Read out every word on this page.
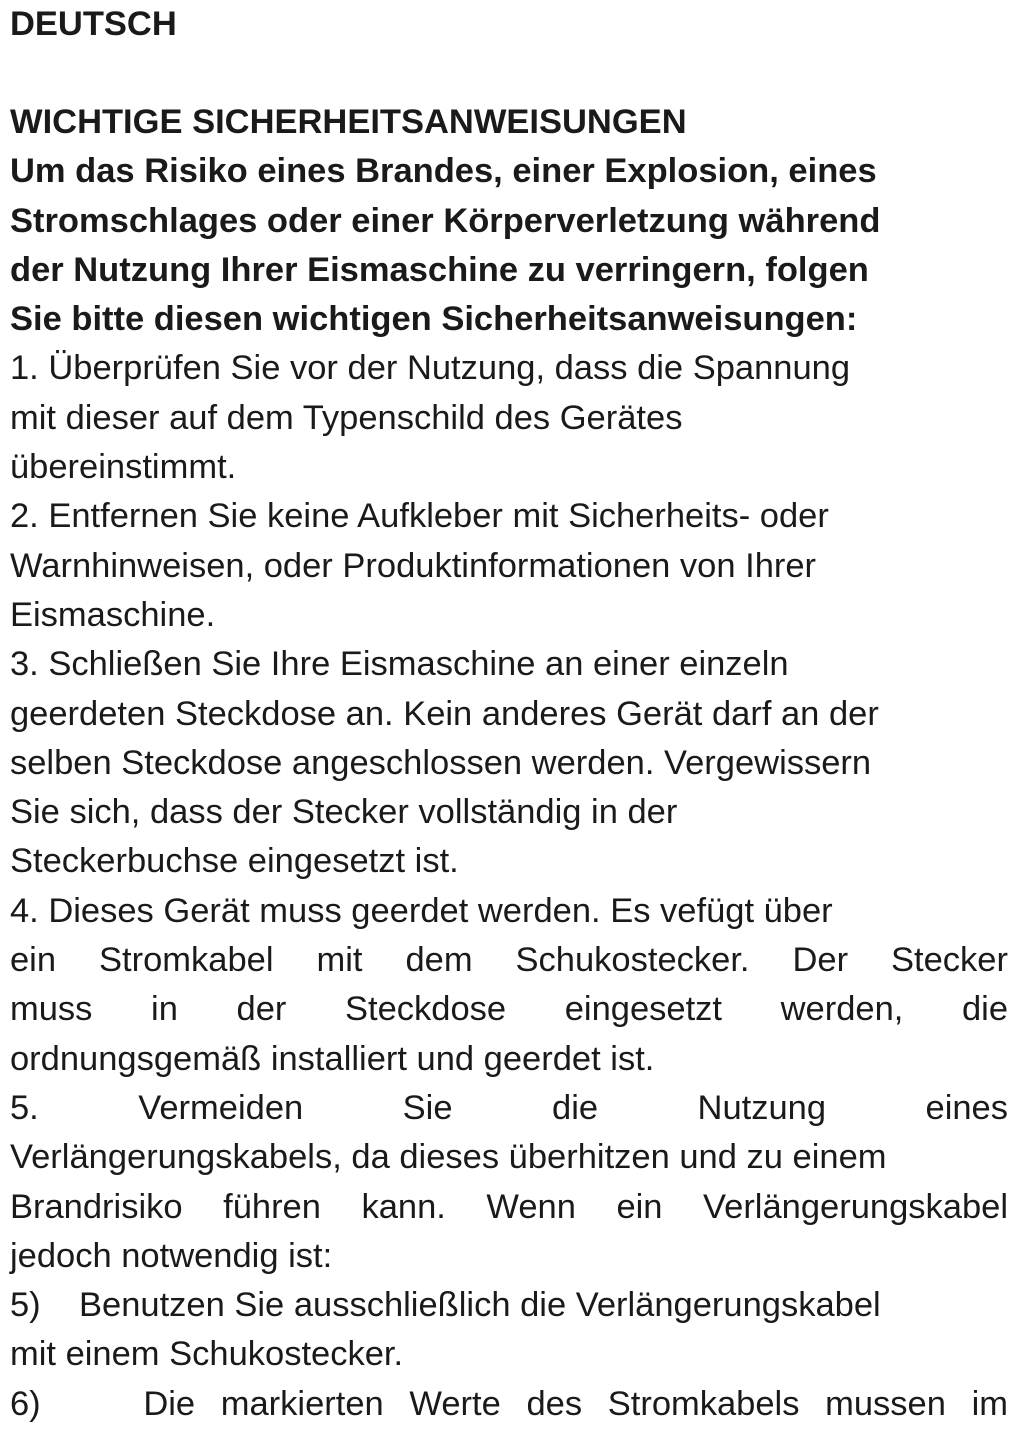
DEUTSCH

WICHTIGE SICHERHEITSANWEISUNGEN
Um das Risiko eines Brandes, einer Explosion, eines
Stromschlages oder einer Körperverletzung während
der Nutzung Ihrer Eismaschine zu verringern, folgen
Sie bitte diesen wichtigen Sicherheitsanweisungen:

1. Überprüfen Sie vor der Nutzung, dass die Spannung
mit dieser auf dem Typenschild des Gerätes
übereinstimmt.
2. Entfernen Sie keine Aufkleber mit Sicherheits- oder
Warnhinweisen, oder Produktinformationen von Ihrer
Eismaschine.
3. Schließen Sie Ihre Eismaschine an einer einzeln
geerdeten Steckdose an. Kein anderes Gerät darf an der
selben Steckdose angeschlossen werden. Vergewissern
Sie sich, dass der Stecker vollständig in der
Steckerbuchse eingesetzt ist.
4. Dieses Gerät muss geerdet werden. Es vefügt über
ein Stromkabel mit dem Schukostecker. Der Stecker
muss in der Steckdose eingesetzt werden, die
ordnungsgemäß installiert und geerdet ist.
5. Vermeiden Sie die Nutzung eines
Verlängerungskabels, da dieses überhitzen und zu einem
Brandrisiko führen kann. Wenn ein Verlängerungskabel
jedoch notwendig ist:
5)    Benutzen Sie ausschließlich die Verlängerungskabel
mit einem Schukostecker.
6)    Die markierten Werte des Stromkabels mussen im
